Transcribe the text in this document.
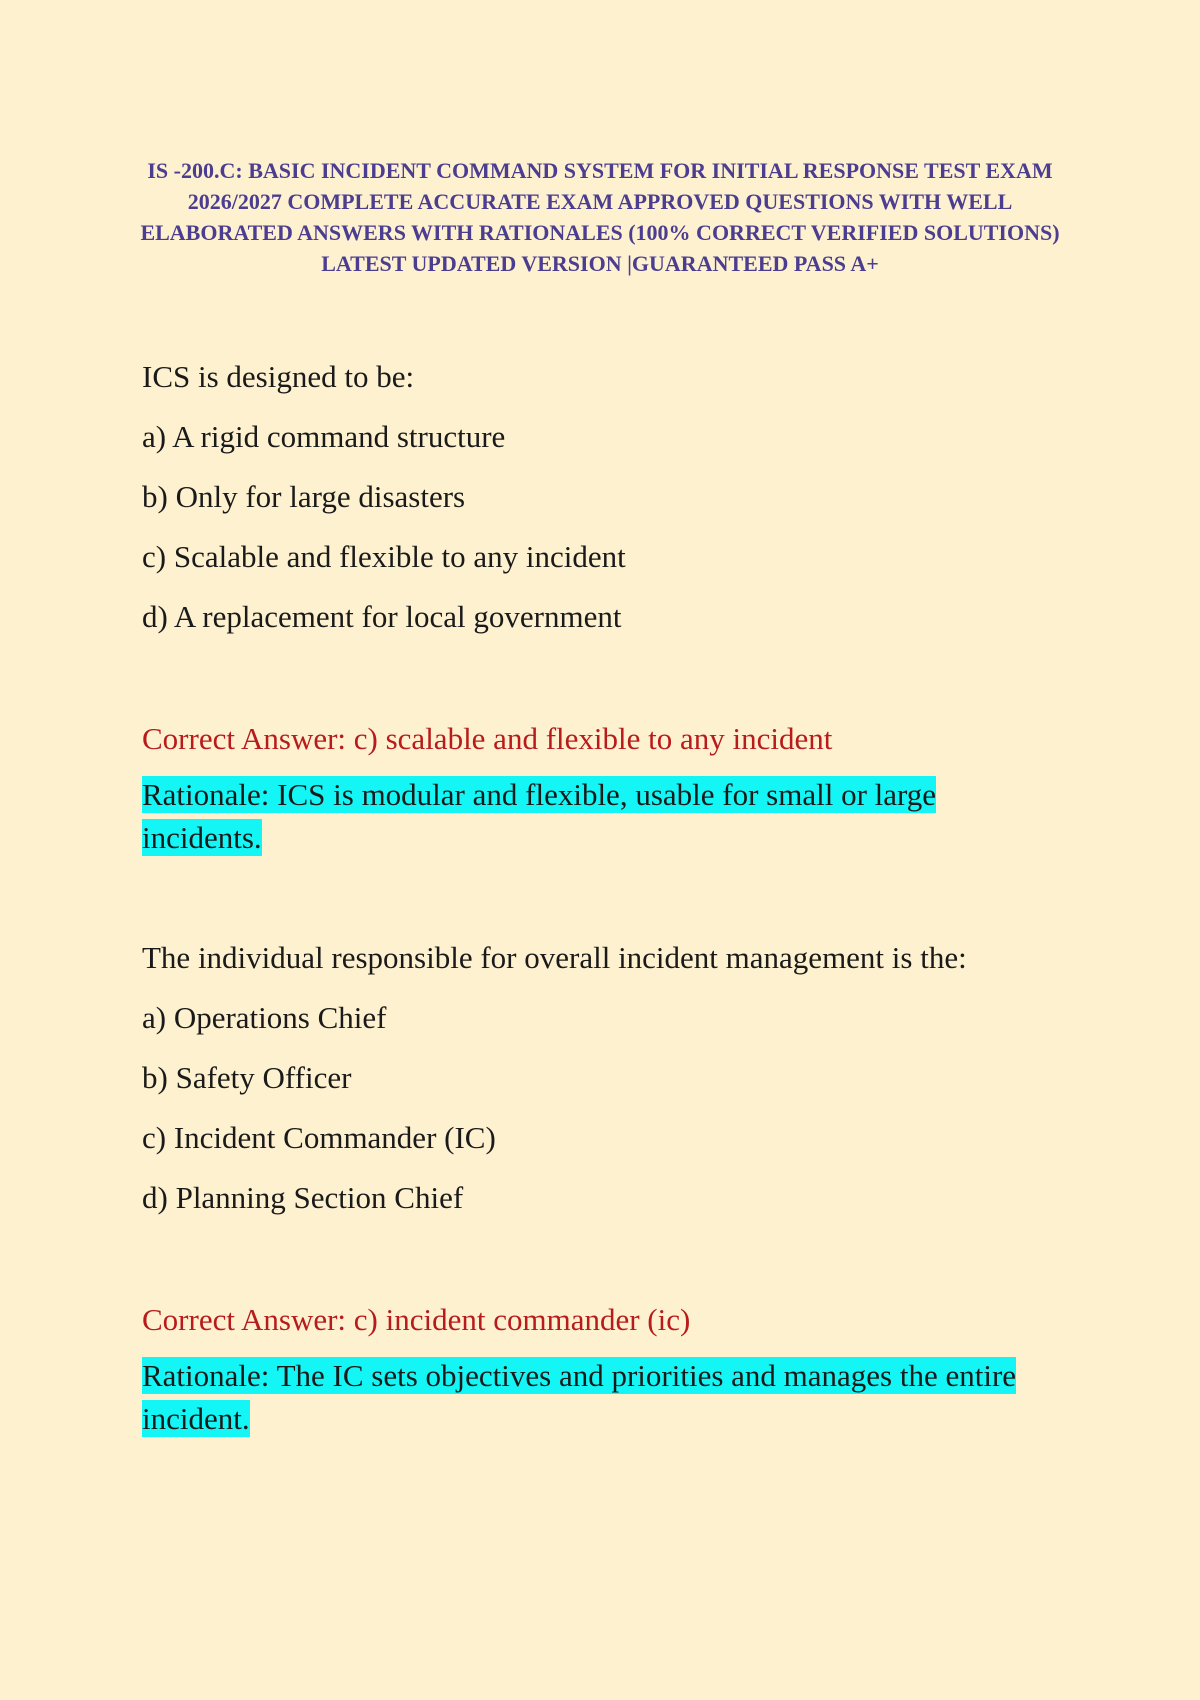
IS -200.C: BASIC INCIDENT COMMAND SYSTEM FOR INITIAL RESPONSE TEST EXAM 2026/2027 COMPLETE ACCURATE EXAM APPROVED QUESTIONS WITH WELL ELABORATED ANSWERS WITH RATIONALES (100% CORRECT VERIFIED SOLUTIONS) LATEST UPDATED VERSION |GUARANTEED PASS A+

ICS is designed to be:

a) A rigid command structure

b) Only for large disasters

c) Scalable and flexible to any incident

d) A replacement for local government

Correct Answer: c) scalable and flexible to any incident

Rationale: ICS is modular and flexible, usable for small or large incidents.

The individual responsible for overall incident management is the:

a) Operations Chief

b) Safety Officer

c) Incident Commander (IC)

d) Planning Section Chief

Correct Answer: c) incident commander (ic)

Rationale: The IC sets objectives and priorities and manages the entire incident.
